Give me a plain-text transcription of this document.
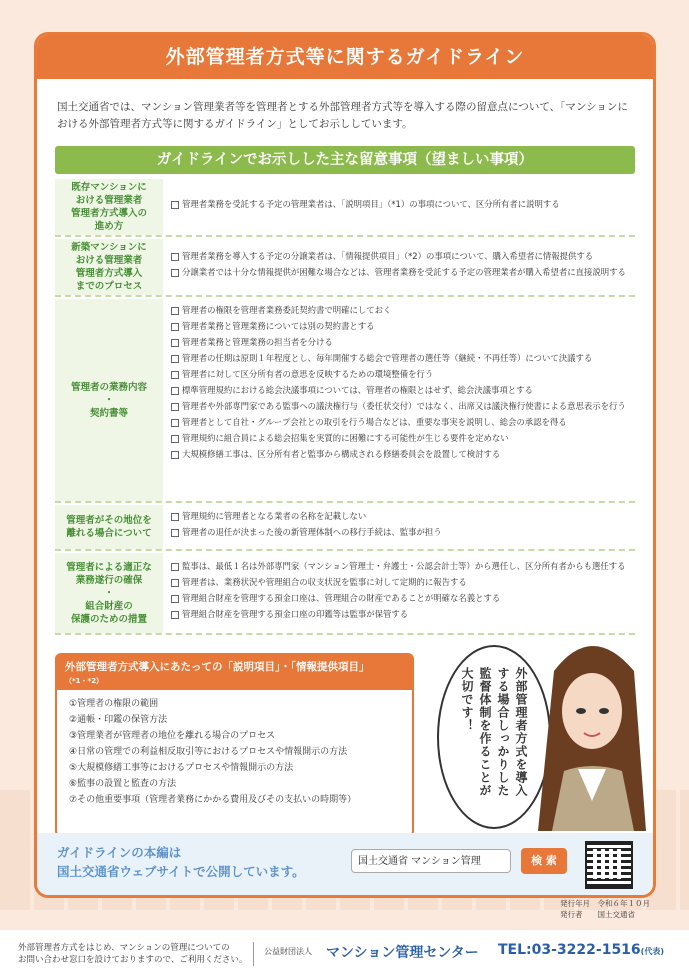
外部管理者方式等に関するガイドライン
国土交通省では、マンション管理業者等を管理者とする外部管理者方式等を導入する際の留意点について、「マンションにおける外部管理者方式等に関するガイドライン」としてお示ししています。
ガイドラインでお示しした主な留意事項（望ましい事項）
既存マンションに
おける管理業者
管理者方式導入の
進め方
管理者業務を受託する予定の管理業者は、「説明項目」（*1）の事項について、区分所有者に説明する
新築マンションに
おける管理業者
管理者方式導入
までのプロセス
管理者業務を導入する予定の分譲業者は、「情報提供項目」（*2）の事項について、購入希望者に情報提供する
分譲業者では十分な情報提供が困難な場合などは、管理者業務を受託する予定の管理業者が購入希望者に直接説明する
管理者の業務内容
・
契約書等
管理者の権限を管理者業務委託契約書で明確にしておく
管理者業務と管理業務については別の契約書とする
管理者業務と管理業務の担当者を分ける
管理者の任期は原則１年程度とし、毎年開催する総会で管理者の選任等（継続・不再任等）について決議する
管理者に対して区分所有者の意思を反映するための環境整備を行う
標準管理規約における総会決議事項については、管理者の権限とはせず、総会決議事項とする
管理者や外部専門家である監事への議決権行与（委任状交付）ではなく、出席又は議決権行使書による意思表示を行う
管理者として自社・グループ会社との取引を行う場合などは、重要な事実を説明し、総会の承認を得る
管理規約に組合員による総会招集を実質的に困難にする可能性が生じる要件を定めない
大規模修繕工事は、区分所有者と監事から構成される修繕委員会を設置して検討する
管理者がその地位を
離れる場合について
管理規約に管理者となる業者の名称を記載しない
管理者の退任が決まった後の新管理体制への移行手続は、監事が担う
管理者による適正な
業務遂行の確保
・
組合財産の
保護のための措置
監事は、最低１名は外部専門家（マンション管理士・弁護士・公認会計士等）から選任し、区分所有者からも選任する
管理者は、業務状況や管理組合の収支状況を監事に対して定期的に報告する
管理組合財産を管理する預金口座は、管理組合の財産であることが明確な名義とする
管理組合財産を管理する預金口座の印鑑等は監事が保管する
外部管理者方式導入にあたっての「説明項目」・「情報提供項目」（*1・*2）
①管理者の権限の範囲
②通帳・印鑑の保管方法
③管理業者が管理者の地位を離れる場合のプロセス
④日常の管理での利益相反取引等におけるプロセスや情報開示の方法
⑤大規模修繕工事等におけるプロセスや情報開示の方法
⑥監事の設置と監査の方法
⑦その他重要事項（管理者業務にかかる費用及びその支払いの時期等）
外部管理者方式を導入する場合しっかりした監督体制を作ることが大切です！
ガイドラインの本編は
国土交通省ウェブサイトで公開しています。
国土交通省 マンション管理	検 索
発行年月　令和６年１０月
発行者　　国土交通省
外部管理者方式をはじめ、マンションの管理についての
お問い合わせ窓口を設けておりますので、ご利用ください。
公益財団法人 マンション管理センター TEL:03-3222-1516(代表)
